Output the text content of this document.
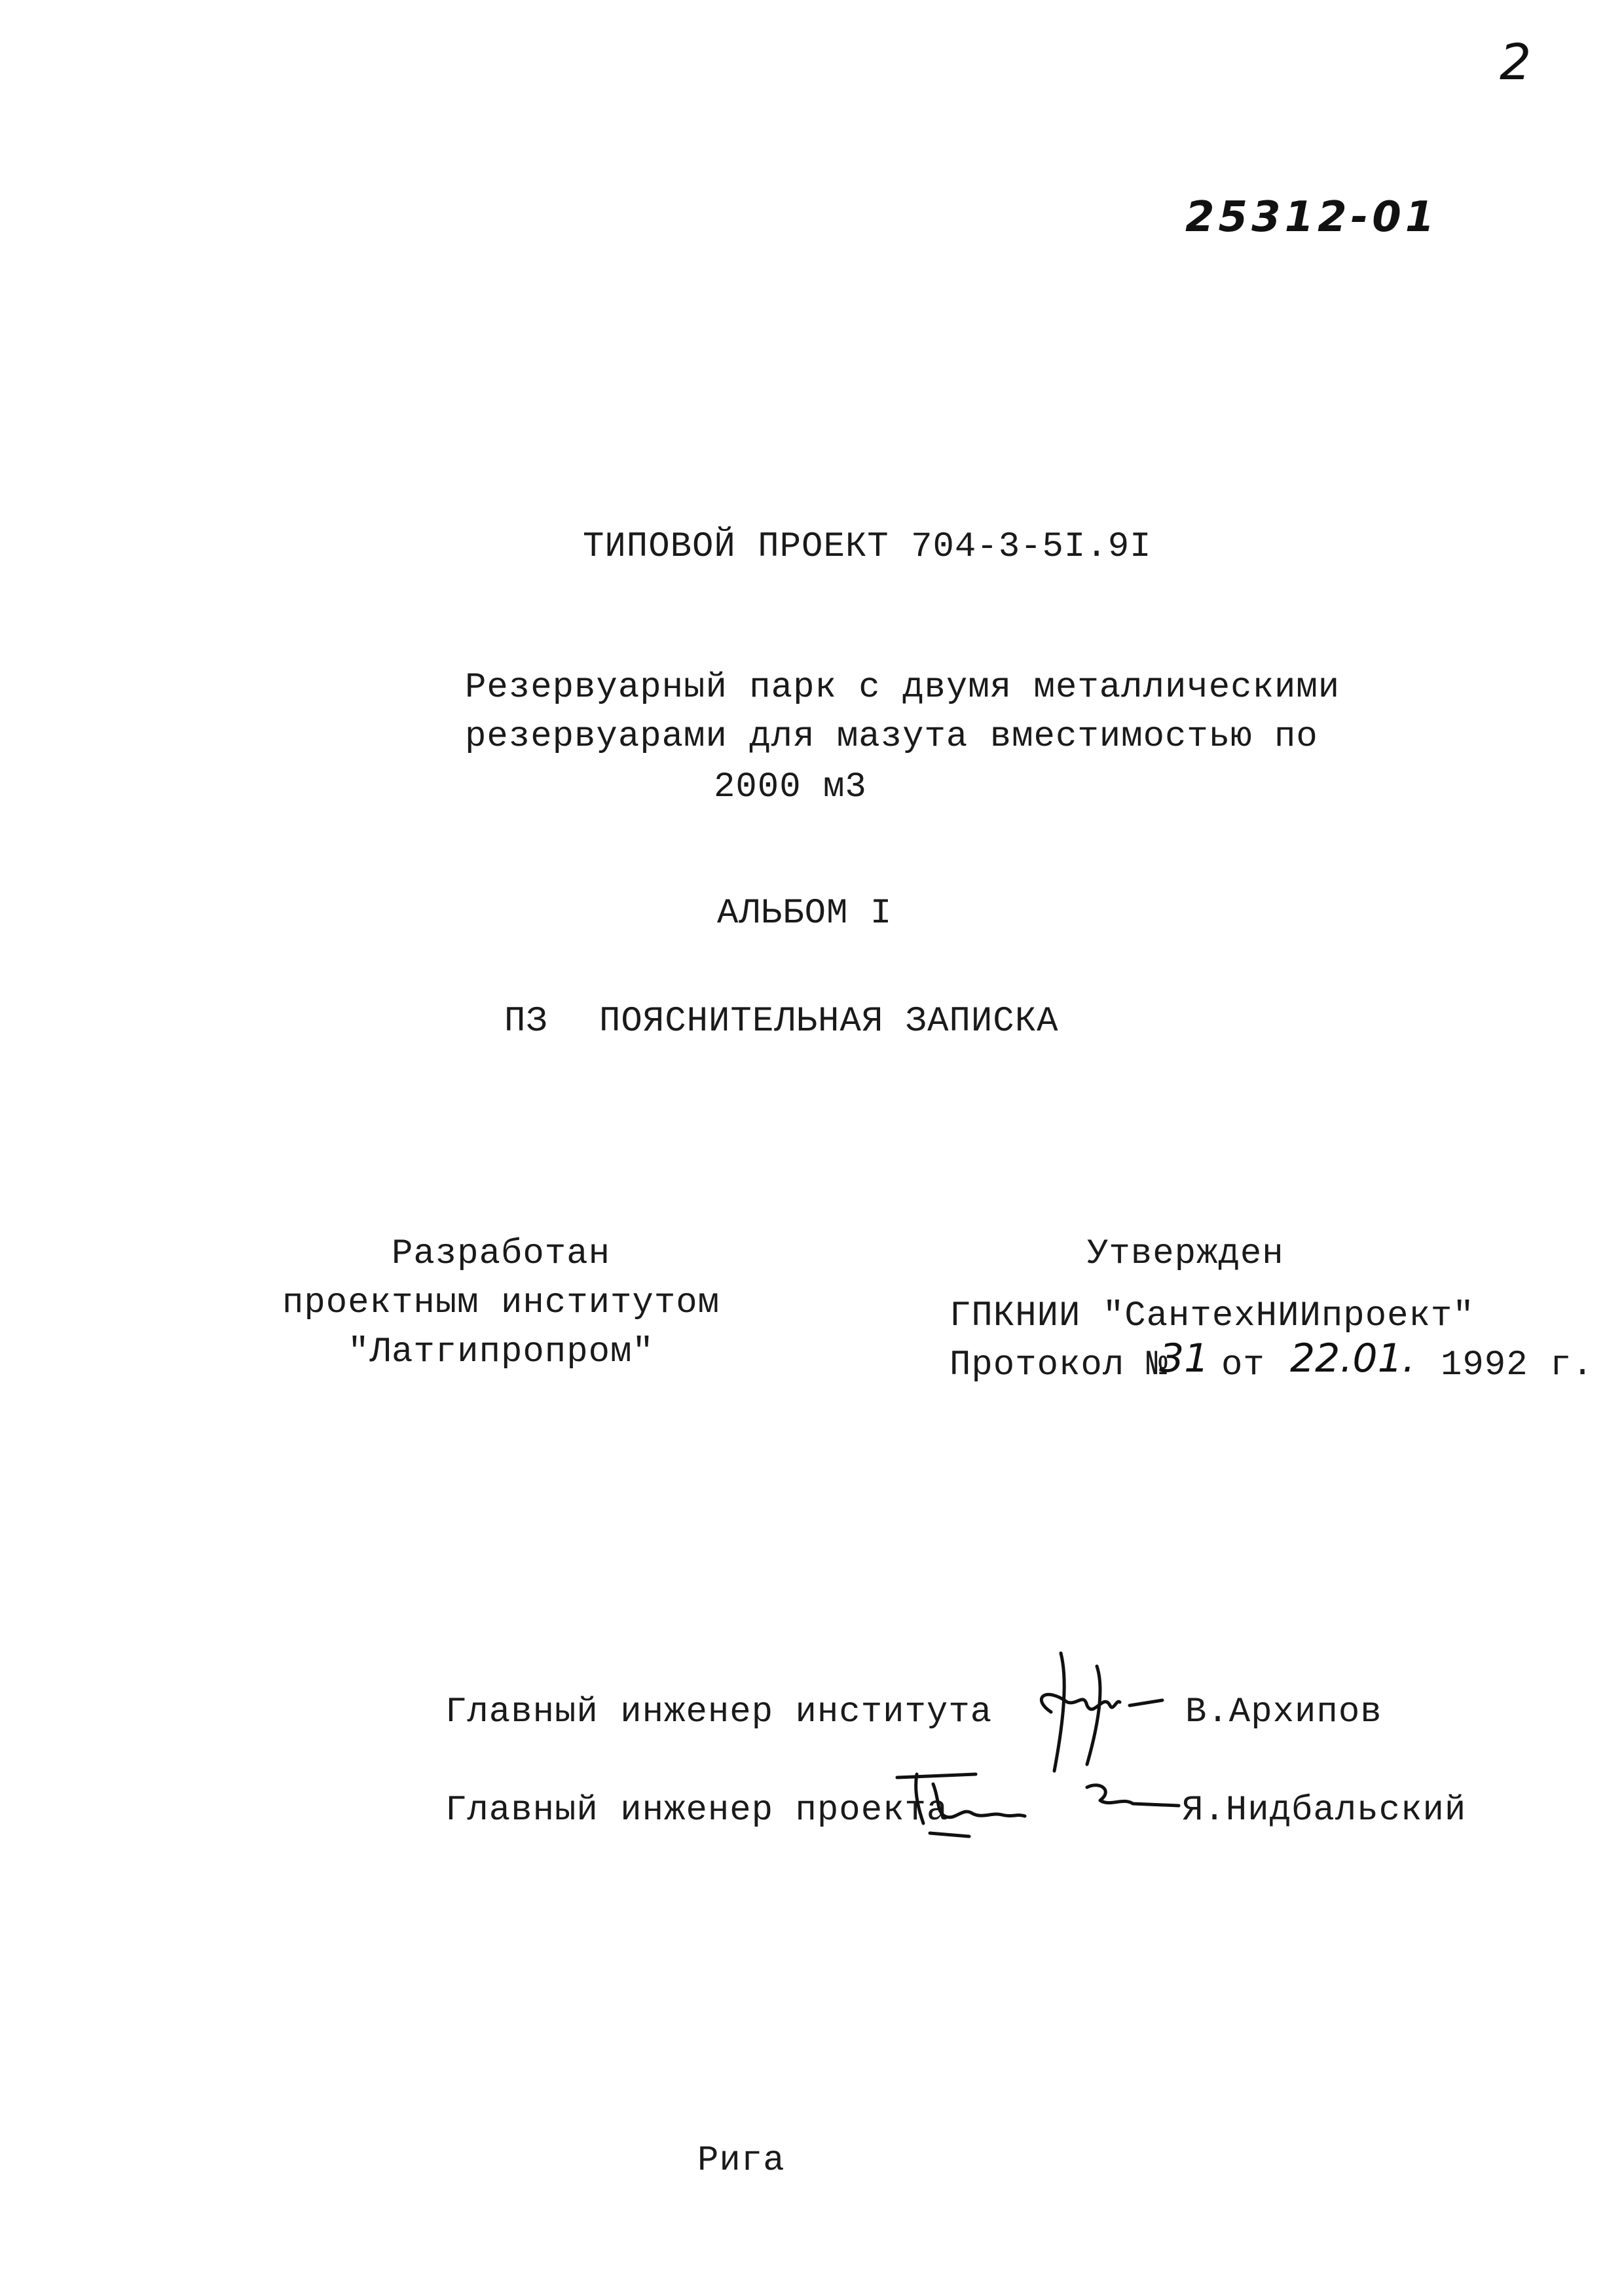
2
25312-01
ТИПОВОЙ ПРОЕКТ 704-3-5I.9I
Резервуарный парк с двумя металлическими
резервуарами для мазута вместимостью по
2000 м3
АЛЬБОМ I
ПЗ ПОЯСНИТЕЛЬНАЯ ЗАПИСКА
Разработан
проектным институтом
"Латгипропром"
Утвержден
ГПКНИИ "СантехНИИпроект"
Протокол №
31 от 22.01. 1992 г.
Главный инженер института	В.Архипов
Главный инженер проекта	Я.Нидбальский
Рига
